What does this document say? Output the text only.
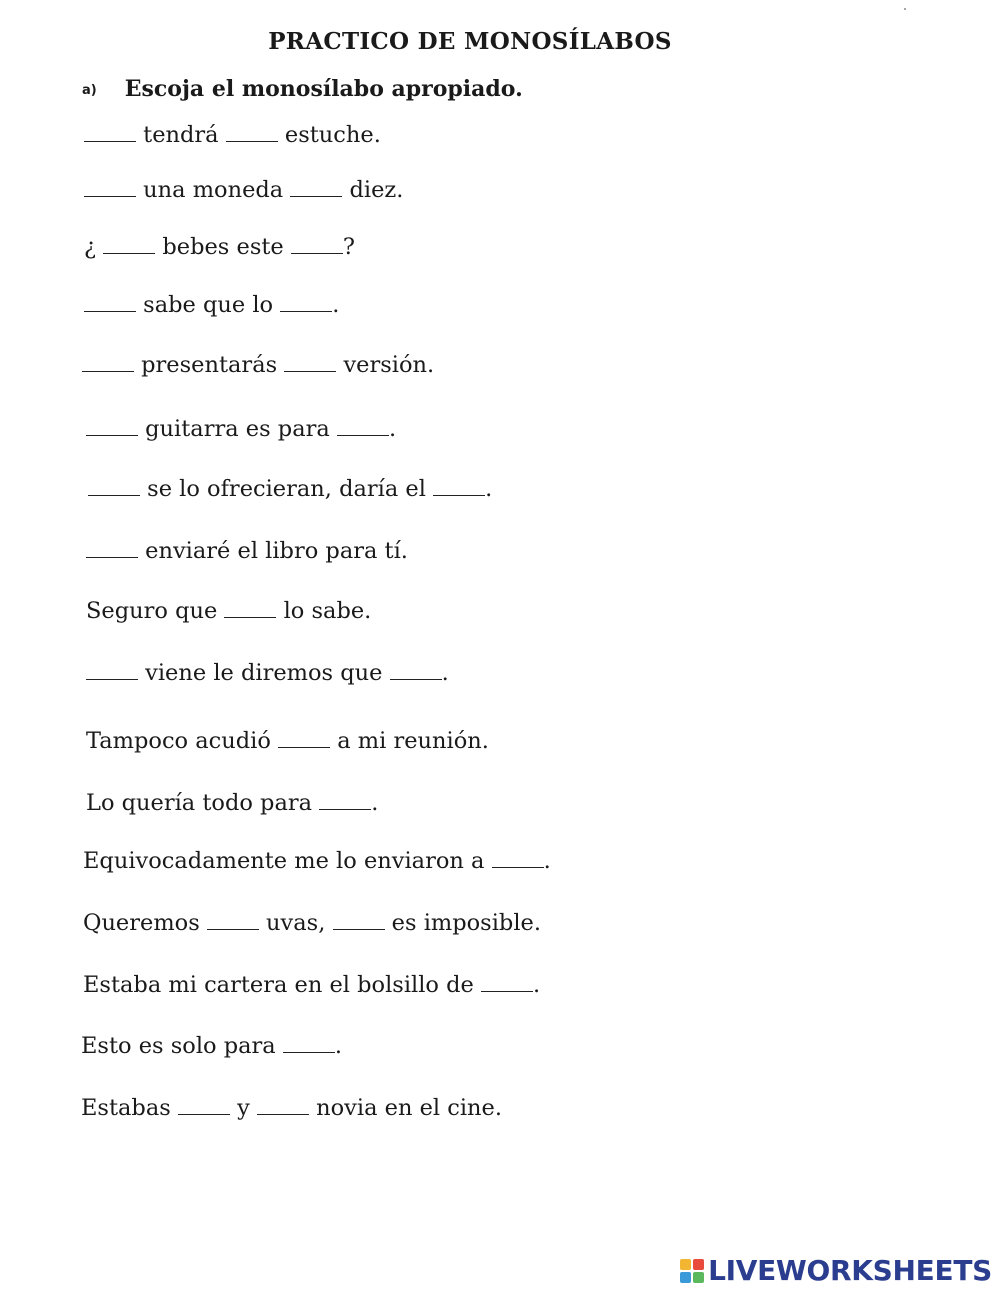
PRACTICO DE MONOSÍLABOS
a) Escoja el monosílabo apropiado.
tendrá  estuche.
una moneda  diez.
¿  bebes este ?
sabe que lo .
presentarás  versión.
guitarra es para .
se lo ofrecieran, daría el .
enviaré el libro para tí.
Seguro que  lo sabe.
viene le diremos que .
Tampoco acudió  a mi reunión.
Lo quería todo para .
Equivocadamente me lo enviaron a .
Queremos  uvas,  es imposible.
Estaba mi cartera en el bolsillo de .
Esto es solo para .
Estabas  y  novia en el cine.
LIVEWORKSHEETS
